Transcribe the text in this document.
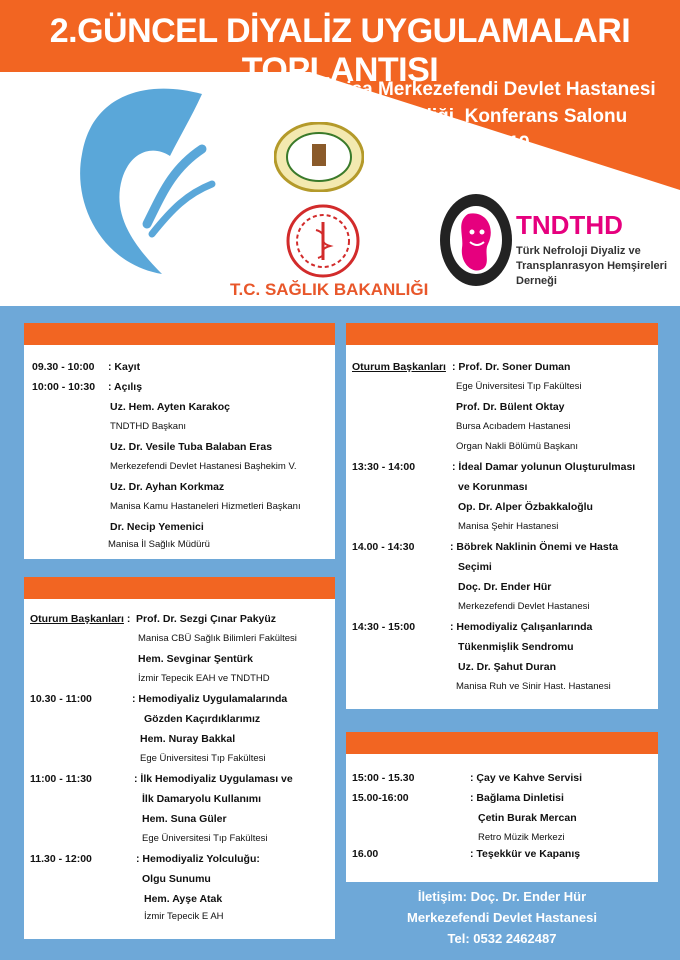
2.GÜNCEL DİYALİZ UYGULAMALARI TOPLANTISI
Manisa Merkezefendi Devlet Hastanesi
Başhekimliği, Konferans Salonu
26.02.2019
T.C. SAĞLIK BAKANLIĞI
TNDTHD
Türk Nefroloji Diyaliz ve Transplanrasyon Hemşireleri Derneği
09.30 - 10:00 : Kayıt
10:00 - 10:30 : Açılış
Uz. Hem. Ayten Karakoç
TNDTHD Başkanı
Uz. Dr. Vesile Tuba Balaban Eras
Merkezefendi Devlet Hastanesi Başhekim V.
Uz. Dr. Ayhan Korkmaz
Manisa Kamu Hastaneleri Hizmetleri Başkanı
Dr. Necip Yemenici
Manisa İl Sağlık Müdürü
Oturum Başkanları : Prof. Dr. Sezgi Çınar Pakyüz
Manisa CBÜ Sağlık Bilimleri Fakültesi
Hem. Sevginar Şentürk
İzmir Tepecik EAH ve TNDTHD
10.30 - 11:00	: Hemodiyaliz Uygulamalarında
Gözden Kaçırdıklarımız
Hem. Nuray Bakkal
Ege Üniversitesi Tıp Fakültesi
11:00 - 11:30	: İlk Hemodiyaliz Uygulaması ve
İlk Damaryolu Kullanımı
Hem. Suna Güler
Ege Üniversitesi Tıp Fakültesi
11.30 - 12:00	: Hemodiyaliz Yolculuğu:
Olgu Sunumu
Hem. Ayşe Atak
İzmir Tepecik E AH
Oturum Başkanları : Prof. Dr. Soner Duman
Ege Üniversitesi Tıp Fakültesi
Prof. Dr. Bülent Oktay
Bursa Acıbadem Hastanesi
Organ Nakli Bölümü Başkanı
13:30 - 14:00	: İdeal Damar yolunun Oluşturulması
ve Korunması
Op. Dr. Alper Özbakkaloğlu
Manisa Şehir Hastanesi
14.00 - 14:30	: Böbrek Naklinin Önemi ve Hasta
Seçimi
Doç. Dr. Ender Hür
Merkezefendi Devlet Hastanesi
14:30 - 15:00	: Hemodiyaliz Çalışanlarında
Tükenmişlik Sendromu
Uz. Dr. Şahut Duran
Manisa Ruh ve Sinir Hast. Hastanesi
15:00 - 15.30	: Çay ve Kahve Servisi
15.00-16:00	: Bağlama Dinletisi
Çetin Burak Mercan
Retro Müzik Merkezi
16.00	: Teşekkür ve Kapanış
İletişim: Doç. Dr. Ender Hür
Merkezefendi Devlet Hastanesi
Tel: 0532 2462487
